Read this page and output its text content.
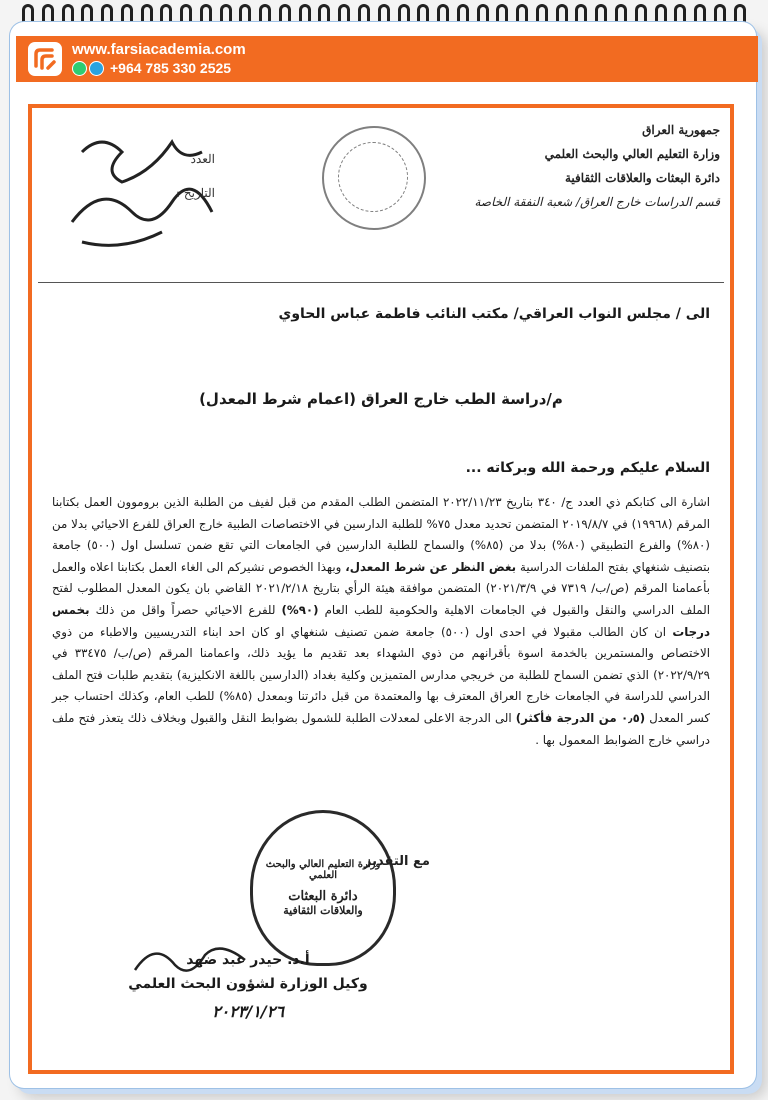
www.farsiacademia.com
+964 785 330 2525
جمهورية العراق
وزارة التعليم العالي والبحث العلمي
دائرة البعثات والعلاقات الثقافية
قسم الدراسات خارج العراق/ شعبة النفقة الخاصة
العدد
التاريخ :
الى / مجلس النواب العراقي/ مكتب النائب فاطمة عباس الحاوي
م/دراسة الطب خارج العراق (اعمام شرط المعدل)
السلام عليكم ورحمة الله وبركاته ...
اشارة الى كتابكم ذي العدد ج/ ٣٤٠ بتاريخ ٢٠٢٢/١١/٢٣ المتضمن الطلب المقدم من قبل لفيف من الطلبة الذين بروموون العمل بكتابنا المرقم (١٩٩٦٨) في ٢٠١٩/٨/٧ المتضمن تحديد معدل ٧٥% للطلبة الدارسين في الاختصاصات الطبية خارج العراق للفرع الاحيائي بدلا من (٨٠%) والفرع التطبيقي (٨٠%) بدلا من (٨٥%) والسماح للطلبة الدارسين في الجامعات التي تقع ضمن تسلسل اول (٥٠٠) جامعة بتصنيف شنغهاي بفتح الملفات الدراسية بغض النظر عن شرط المعدل، وبهذا الخصوص نشيركم الى الغاء العمل بكتابنا اعلاه والعمل بأعمامنا المرقم (ص/ب/ ٧٣١٩ في ٢٠٢١/٣/٩) المتضمن موافقة هيئة الرأي بتاريخ ٢٠٢١/٢/١٨ القاضي بان يكون المعدل المطلوب لفتح الملف الدراسي والنقل والقبول في الجامعات الاهلية والحكومية للطب العام (٩٠%) للفرع الاحيائي حصراً واقل من ذلك بخمس درجات ان كان الطالب مقبولا في احدى اول (٥٠٠) جامعة ضمن تصنيف شنغهاي او كان احد ابناء التدريسيين والاطباء من ذوي الاختصاص والمستمرين بالخدمة اسوة بأقرانهم من ذوي الشهداء بعد تقديم ما يؤيد ذلك، واعمامنا المرقم (ص/ب/ ٣٣٤٧٥ في ٢٠٢٢/٩/٢٩) الذي تضمن السماح للطلبة من خريجي مدارس المتميزين وكلية بغداد (الدارسين باللغة الانكليزية) بتقديم طلبات فتح الملف الدراسي للدراسة في الجامعات خارج العراق المعترف بها والمعتمدة من قبل دائرتنا وبمعدل (٨٥%) للطب العام، وكذلك احتساب جبر كسر المعدل (٠٫٥ من الدرجة فأكثر) الى الدرجة الاعلى لمعدلات الطلبة للشمول بضوابط النقل والقبول وبخلاف ذلك يتعذر فتح ملف دراسي خارج الضوابط المعمول بها .
وزارة التعليم العالي والبحث العلمي
دائرة البعثات
والعلاقات الثقافية
مع التقدير
أ.د. حيدر عبد ضهد
وكيل الوزارة لشؤون البحث العلمي
٢٠٢٣/١/٢٦
